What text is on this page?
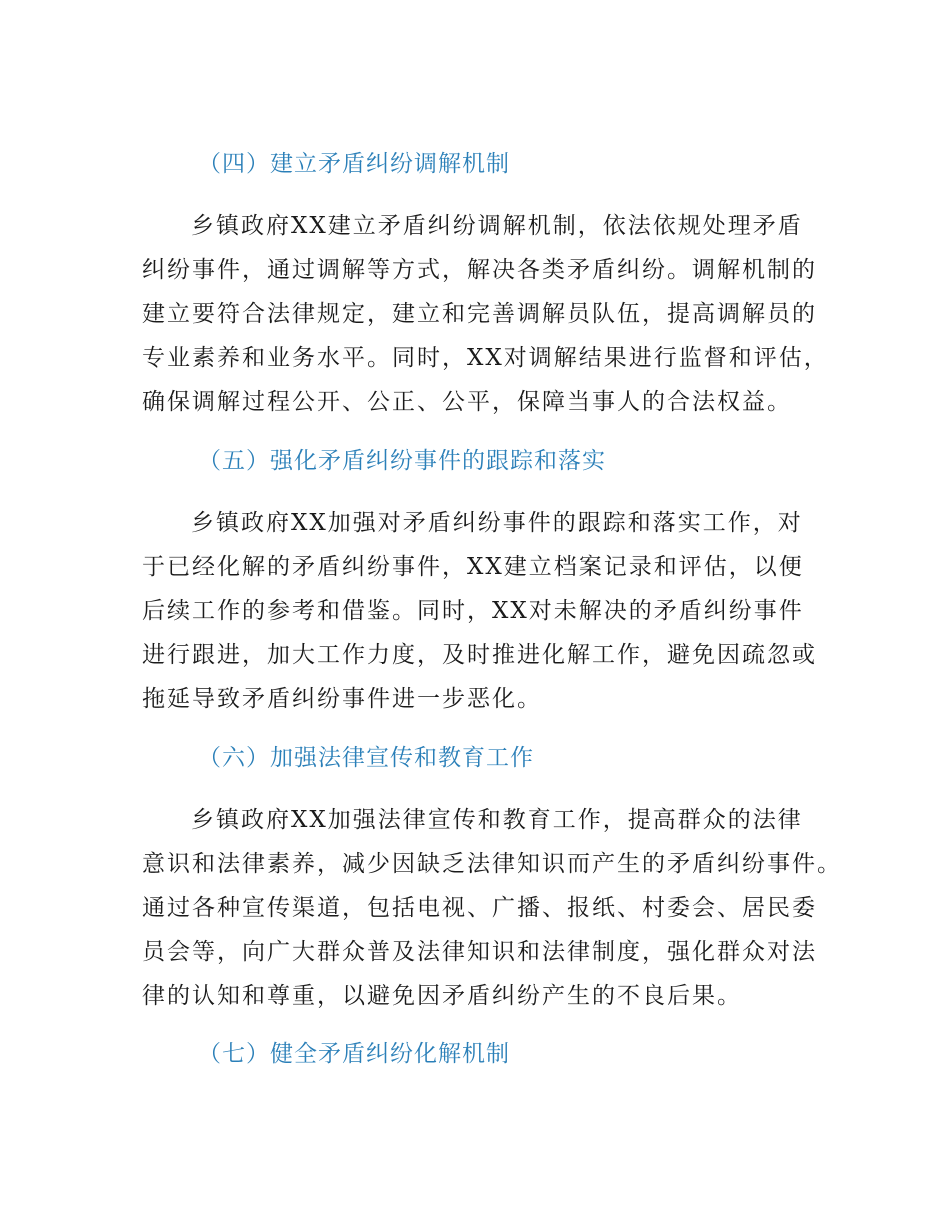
（四）建立矛盾纠纷调解机制
乡镇政府XX建立矛盾纠纷调解机制，依法依规处理矛盾
纠纷事件，通过调解等方式，解决各类矛盾纠纷。调解机制的
建立要符合法律规定，建立和完善调解员队伍，提高调解员的
专业素养和业务水平。同时，XX对调解结果进行监督和评估，
确保调解过程公开、公正、公平，保障当事人的合法权益。
（五）强化矛盾纠纷事件的跟踪和落实
乡镇政府XX加强对矛盾纠纷事件的跟踪和落实工作，对
于已经化解的矛盾纠纷事件，XX建立档案记录和评估，以便
后续工作的参考和借鉴。同时，XX对未解决的矛盾纠纷事件
进行跟进，加大工作力度，及时推进化解工作，避免因疏忽或
拖延导致矛盾纠纷事件进一步恶化。
（六）加强法律宣传和教育工作
乡镇政府XX加强法律宣传和教育工作，提高群众的法律
意识和法律素养，减少因缺乏法律知识而产生的矛盾纠纷事件。
通过各种宣传渠道，包括电视、广播、报纸、村委会、居民委
员会等，向广大群众普及法律知识和法律制度，强化群众对法
律的认知和尊重，以避免因矛盾纠纷产生的不良后果。
（七）健全矛盾纠纷化解机制
